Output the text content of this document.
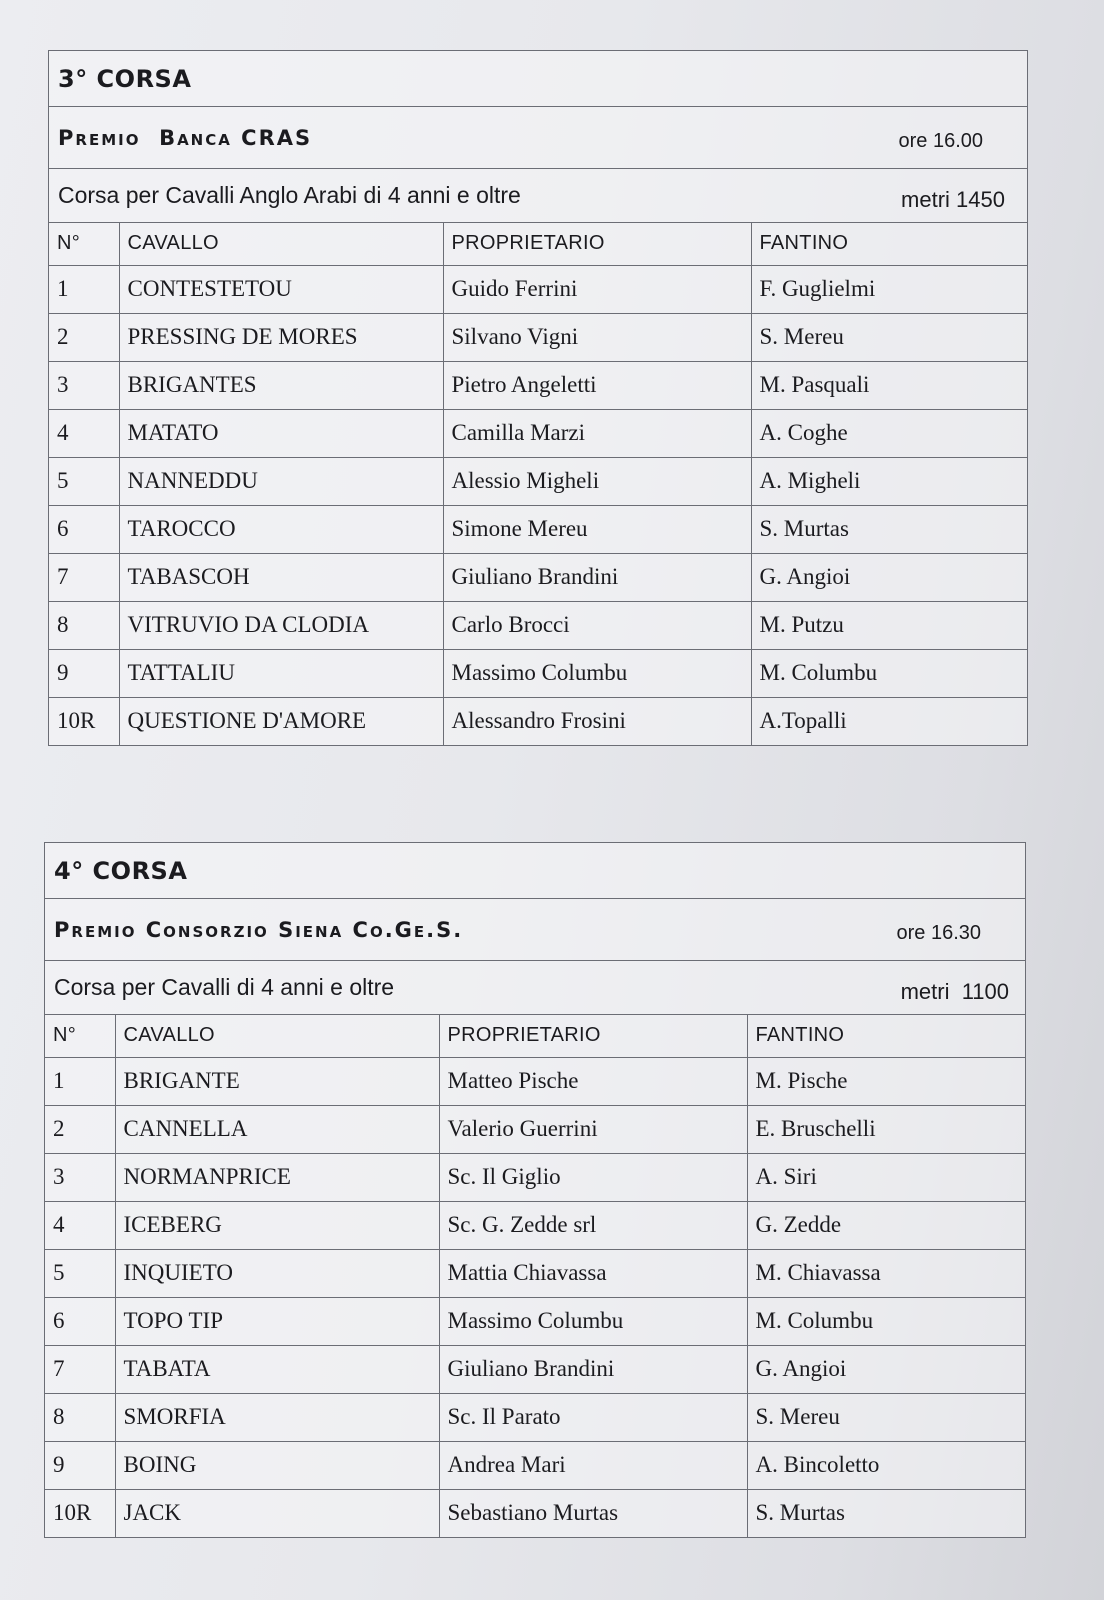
3° CORSA
Premio  Banca CRAS	ore 16.00
Corsa per Cavalli Anglo Arabi di 4 anni e oltre	metri 1450
N°	CAVALLO	PROPRIETARIO	FANTINO
1	CONTESTETOU	Guido Ferrini	F. Guglielmi
2	PRESSING DE MORES	Silvano Vigni	S. Mereu
3	BRIGANTES	Pietro Angeletti	M. Pasquali
4	MATATO	Camilla Marzi	A. Coghe
5	NANNEDDU	Alessio Migheli	A. Migheli
6	TAROCCO	Simone Mereu	S. Murtas
7	TABASCOH	Giuliano Brandini	G. Angioi
8	VITRUVIO DA CLODIA	Carlo Brocci	M. Putzu
9	TATTALIU	Massimo Columbu	M. Columbu
10R	QUESTIONE D'AMORE	Alessandro Frosini	A.Topalli
4° CORSA
Premio Consorzio Siena Co.Ge.S.	ore 16.30
Corsa per Cavalli di 4 anni e oltre	metri  1100
N°	CAVALLO	PROPRIETARIO	FANTINO
1	BRIGANTE	Matteo Pische	M. Pische
2	CANNELLA	Valerio Guerrini	E. Bruschelli
3	NORMANPRICE	Sc. Il Giglio	A. Siri
4	ICEBERG	Sc. G. Zedde srl	G. Zedde
5	INQUIETO	Mattia Chiavassa	M. Chiavassa
6	TOPO TIP	Massimo Columbu	M. Columbu
7	TABATA	Giuliano Brandini	G. Angioi
8	SMORFIA	Sc. Il Parato	S. Mereu
9	BOING	Andrea Mari	A. Bincoletto
10R	JACK	Sebastiano Murtas	S. Murtas
